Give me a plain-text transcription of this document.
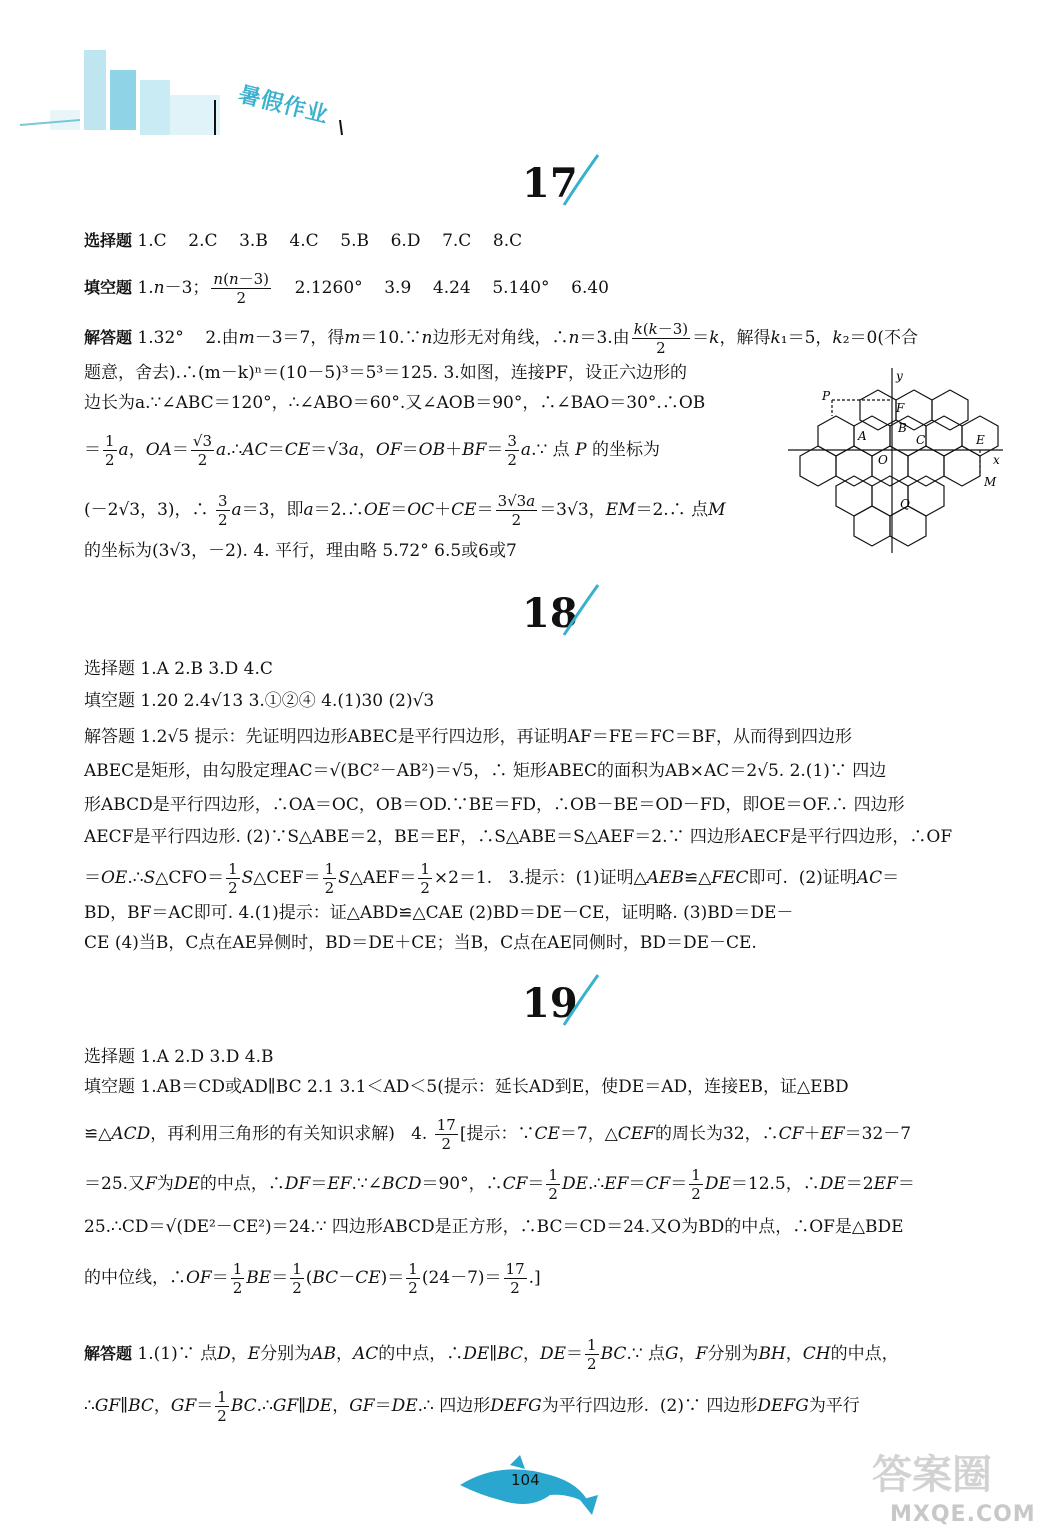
暑假作业
17
选择题 1.C    2.C    3.B    4.C    5.B    6.D    7.C    8.C
填空题 1.n－3； $\frac{n(n-3)}{2} 2.1260^\circ$    3.9    4.24    5.140°    6.40
解答题 1.32°    2.由m－3＝7，得m＝10.∵n边形无对角线，∴n＝3.由 $\frac{k(k-3)}{2} =k$，解得k₁＝5，k₂＝0(不合
题意，舍去).∴(m－k)ⁿ＝(10－5)³＝5³＝125. 3.如图，连接PF，设正六边形的
边长为a.∵∠ABC＝120°，∴∠ABO＝60°.又∠AOB＝90°，∴∠BAO＝30°.∴OB
＝ $\frac{1}{2}$ a，$OA= \frac{√3}{2}$ a.∴AC＝CE＝√3a，$OF=OB+BF= \frac{3}{2}$ a.∵ 点 P 的坐标为
(－2√3，3)，∴ $\frac{3}{2} a=3$，即a＝2.∴OE＝OC＋CE＝ $\frac{3√3a}{2} =3√3$，EM＝2.∴ 点M
的坐标为(3√3，－2). 4. 平行，理由略 5.72° 6.5或6或7
y
x
P
F
A
B
C	E
O
M
Q
18
选择题 1.A 2.B 3.D 4.C
填空题 1.20 2.4√13 3.①②④ 4.(1)30 (2)√3
解答题 1.2√5 提示：先证明四边形ABEC是平行四边形，再证明AF＝FE＝FC＝BF，从而得到四边形
ABEC是矩形，由勾股定理AC＝√(BC²－AB²)＝√5，∴ 矩形ABEC的面积为AB×AC＝2√5. 2.(1)∵ 四边
形ABCD是平行四边形，∴OA＝OC，OB＝OD.∵BE＝FD，∴OB－BE＝OD－FD，即OE＝OF.∴ 四边形
AECF是平行四边形. (2)∵S△ABE＝2，BE＝EF，∴S△ABE＝S△AEF＝2.∵ 四边形AECF是平行四边形，∴OF
＝OE.∴S△CFO＝ $\frac{1}{2}$ S△CEF＝ $\frac{1}{2}$ S△AEF＝ $\frac{1}{2} \times 2=1$.   3.提示：(1)证明△AEB≌△FEC即可.  (2)证明AC＝
BD，BF＝AC即可. 4.(1)提示：证△ABD≌△CAE (2)BD＝DE－CE，证明略. (3)BD＝DE－
CE (4)当B，C点在AE异侧时，BD＝DE＋CE；当B，C点在AE同侧时，BD＝DE－CE.
19
选择题 1.A 2.D 3.D 4.B
填空题 1.AB＝CD或AD∥BC 2.1 3.1＜AD＜5(提示：延长AD到E，使DE＝AD，连接EB，证△EBD
≌△ACD，再利用三角形的有关知识求解)   4. $\frac{17}{2}$ [提示：∵CE＝7，△CEF的周长为32，∴CF＋EF＝32－7
＝25.又F为DE的中点，∴DF＝EF.∵∠BCD＝90°，∴CF＝ $\frac{1}{2}$ DE.∴EF＝CF＝ $\frac{1}{2} DE=12.5$，∴DE＝2EF＝
25.∴CD＝√(DE²－CE²)＝24.∵ 四边形ABCD是正方形，∴BC＝CD＝24.又O为BD的中点，∴OF是△BDE
的中位线，∴OF＝ $\frac{1}{2} BE= \frac{1}{2} (BC-CE)= \frac{1}{2} (24-7)= \frac{17}{2}$ .]
解答题 1.(1)∵ 点D，E分别为AB，AC的中点，∴DE∥BC，$DE= \frac{1}{2}$ BC.∵ 点G，F分别为BH，CH的中点，
∴GF∥BC，$GF= \frac{1}{2}$ BC.∴GF∥DE，GF＝DE.∴ 四边形DEFG为平行四边形.  (2)∵ 四边形DEFG为平行
104	答案圈
MXQE.COM
